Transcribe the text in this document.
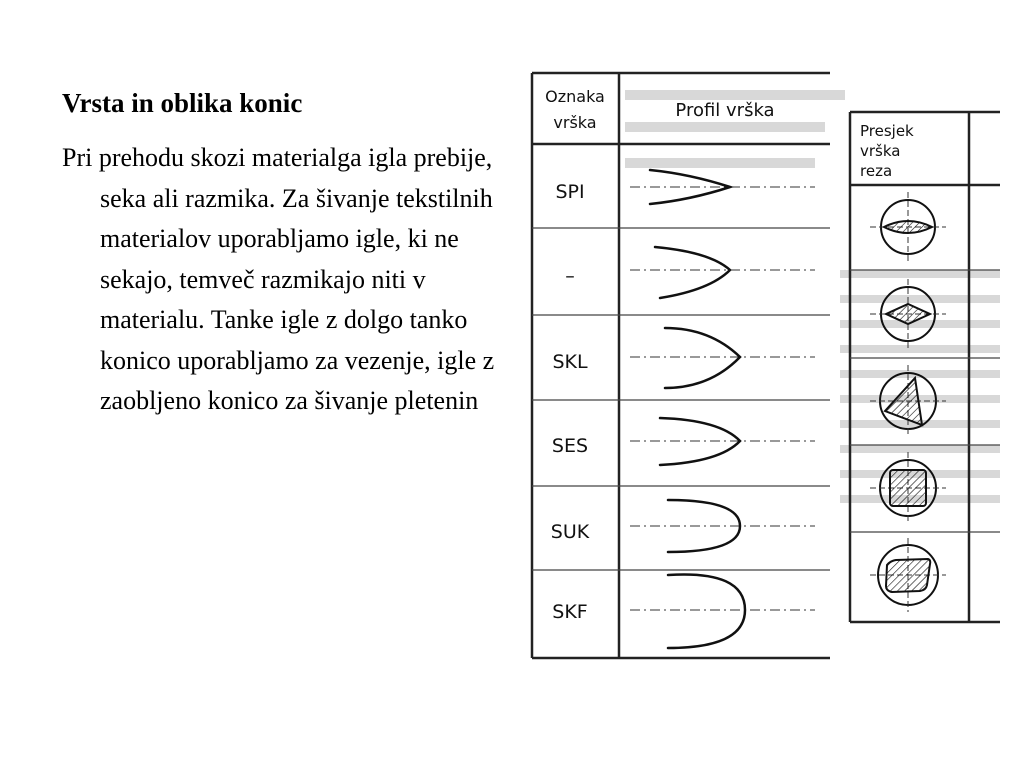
Vrsta in oblika konic

Pri prehodu skozi materialga igla prebije, seka ali razmika. Za šivanje tekstilnih materialov uporabljamo igle, ki ne sekajo, temveč razmikajo niti v materialu. Tanke igle z dolgo tanko konico uporabljamo za vezenje, igle z zaobljeno konico za šivanje pletenin

Oznaka
vrška
Profil vrška
SPI
–
SKL
SES
SUK
SKF
Presjek
vrška
reza
